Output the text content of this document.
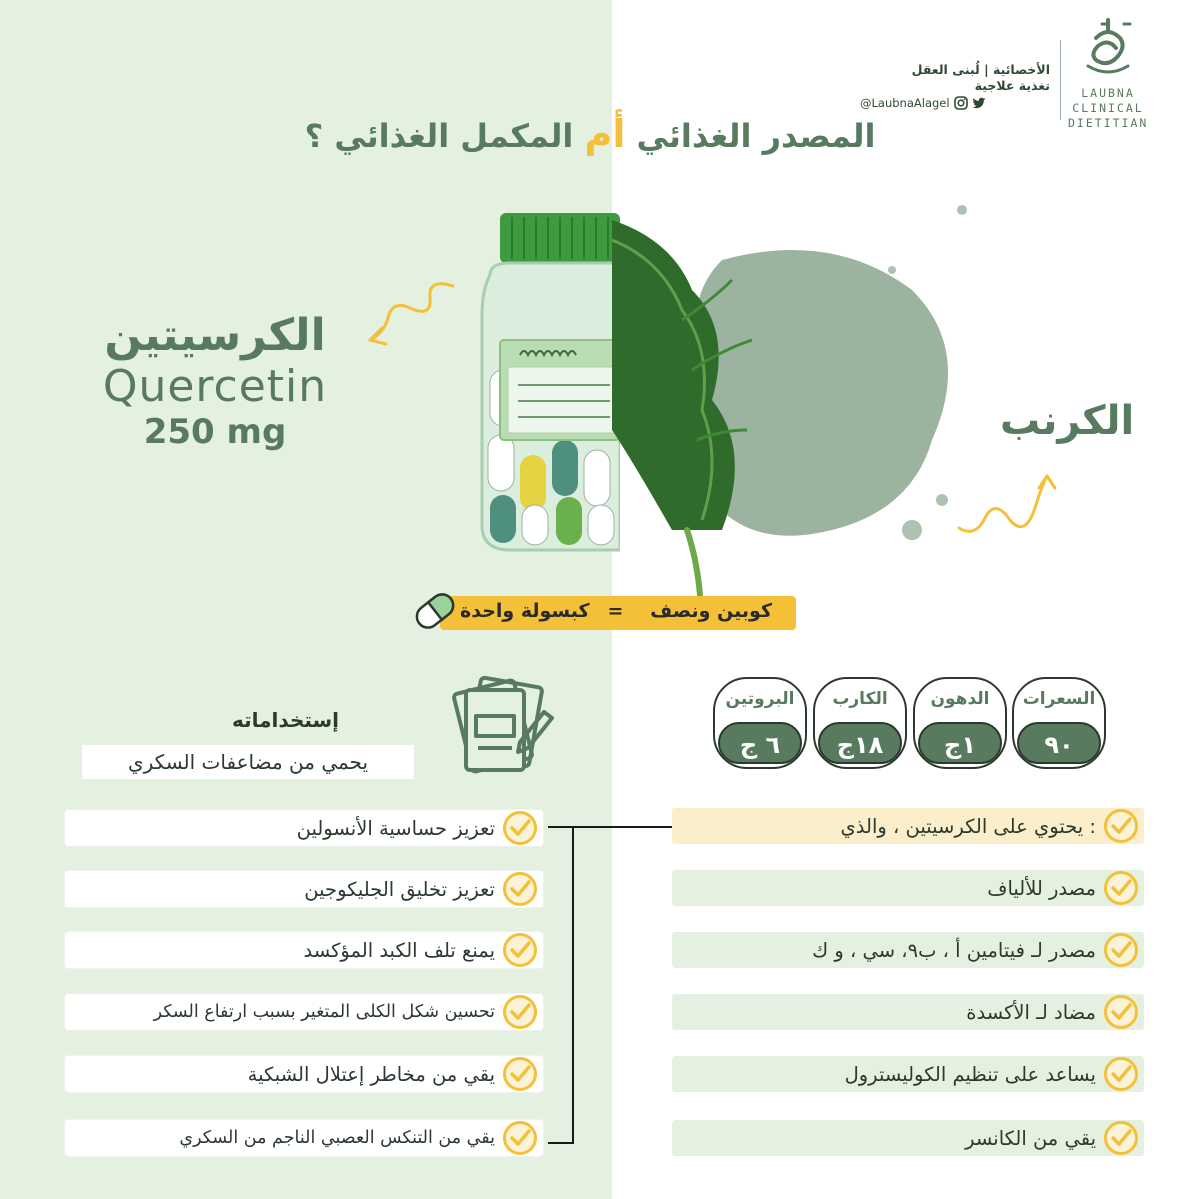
LAUBNA
CLINICAL
DIETITIAN
الأخصائية | لُبنى العقل
تغذية علاجية
@LaubnaAlagel
المصدر الغذائي أم المكمل الغذائي ؟
الكرسيتين
Quercetin
250 mg	الكرنب
كوبين ونصف
=
كبسولة واحدة
السعرات
٩٠
الدهون
١ج
الكارب
١٨ج
البروتين
٦ ج
إستخداماته
يحمي من مضاعفات السكري
تعزيز حساسية الأنسولين
تعزيز تخليق الجليكوجين
يمنع تلف الكبد المؤكسد
تحسين شكل الكلى المتغير بسبب ارتفاع السكر
يقي من مخاطر إعتلال الشبكية
يقي من التنكس العصبي الناجم من السكري
يحتوي على الكرسيتين ، والذي :
مصدر للألياف
مصدر لـ فيتامين أ ، ب٩، سي ، و ك
مضاد لـ الأكسدة
يساعد على تنظيم الكوليسترول
يقي من الكانسر
